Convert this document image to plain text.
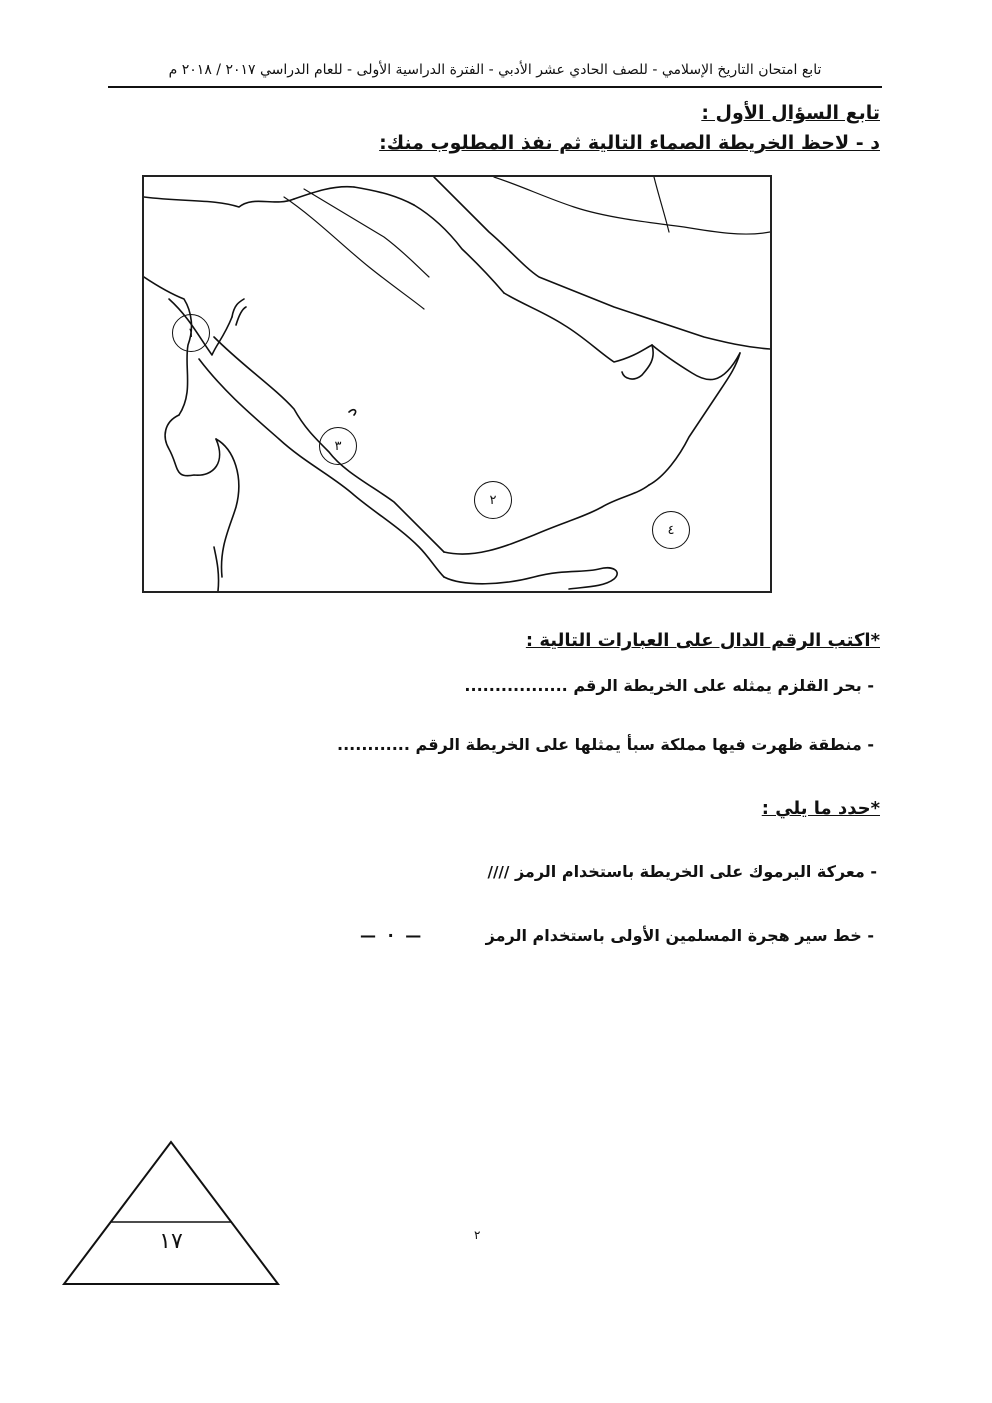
تابع امتحان التاريخ الإسلامي - للصف الحادي عشر الأدبي - الفترة الدراسية الأولى - للعام الدراسي ٢٠١٧ / ٢٠١٨ م
تابع السؤال الأول :
د - لاحظ الخريطة الصماء التالية ثم نفذ المطلوب منك:
١
٢
٣
٤
*اكتب الرقم الدال على العبارات التالية :
- بحر القلزم يمثله على الخريطة الرقم .................
- منطقة ظهرت فيها مملكة سبأ يمثلها على الخريطة الرقم ............
*حدد ما يلي :
- معركة اليرموك على الخريطة باستخدام الرمز ////
- خط سير هجرة المسلمين الأولى باستخدام الرمز
— · —
٢
١٧
